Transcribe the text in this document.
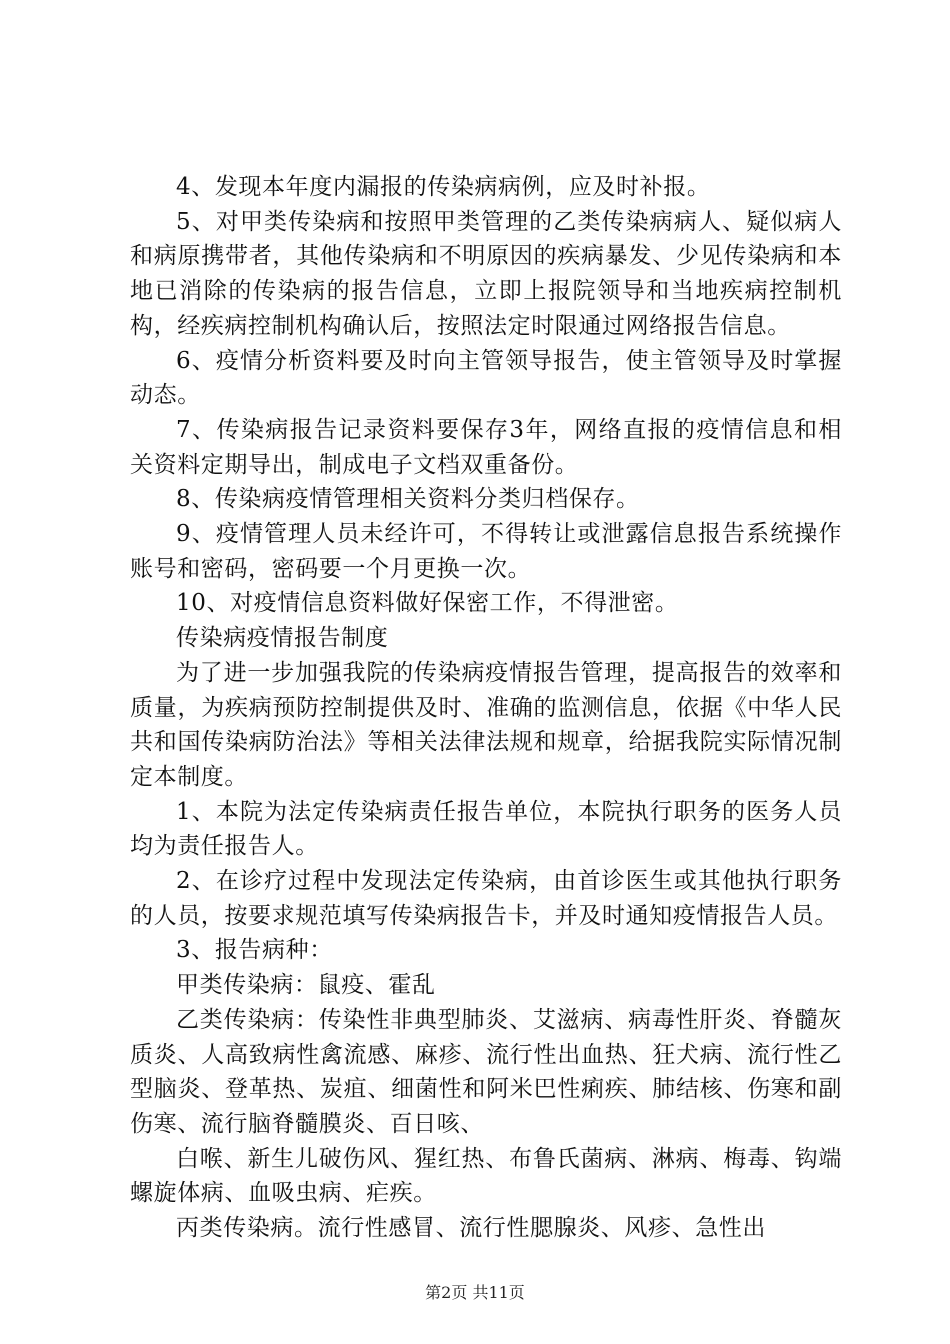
4、发现本年度内漏报的传染病病例，应及时补报。

5、对甲类传染病和按照甲类管理的乙类传染病病人、疑似病人和病原携带者，其他传染病和不明原因的疾病暴发、少见传染病和本地已消除的传染病的报告信息，立即上报院领导和当地疾病控制机构，经疾病控制机构确认后，按照法定时限通过网络报告信息。

6、疫情分析资料要及时向主管领导报告，使主管领导及时掌握动态。

7、传染病报告记录资料要保存3年，网络直报的疫情信息和相关资料定期导出，制成电子文档双重备份。

8、传染病疫情管理相关资料分类归档保存。

9、疫情管理人员未经许可，不得转让或泄露信息报告系统操作账号和密码，密码要一个月更换一次。

10、对疫情信息资料做好保密工作，不得泄密。

传染病疫情报告制度

为了进一步加强我院的传染病疫情报告管理，提高报告的效率和质量，为疾病预防控制提供及时、准确的监测信息，依据《中华人民共和国传染病防治法》等相关法律法规和规章，给据我院实际情况制定本制度。

1、本院为法定传染病责任报告单位，本院执行职务的医务人员均为责任报告人。

2、在诊疗过程中发现法定传染病，由首诊医生或其他执行职务的人员，按要求规范填写传染病报告卡，并及时通知疫情报告人员。

3、报告病种：

甲类传染病：鼠疫、霍乱

乙类传染病：传染性非典型肺炎、艾滋病、病毒性肝炎、脊髓灰质炎、人高致病性禽流感、麻疹、流行性出血热、狂犬病、流行性乙型脑炎、登革热、炭疽、细菌性和阿米巴性痢疾、肺结核、伤寒和副伤寒、流行脑脊髓膜炎、百日咳、

白喉、新生儿破伤风、猩红热、布鲁氏菌病、淋病、梅毒、钩端螺旋体病、血吸虫病、疟疾。

丙类传染病。流行性感冒、流行性腮腺炎、风疹、急性出

第2页 共11页
